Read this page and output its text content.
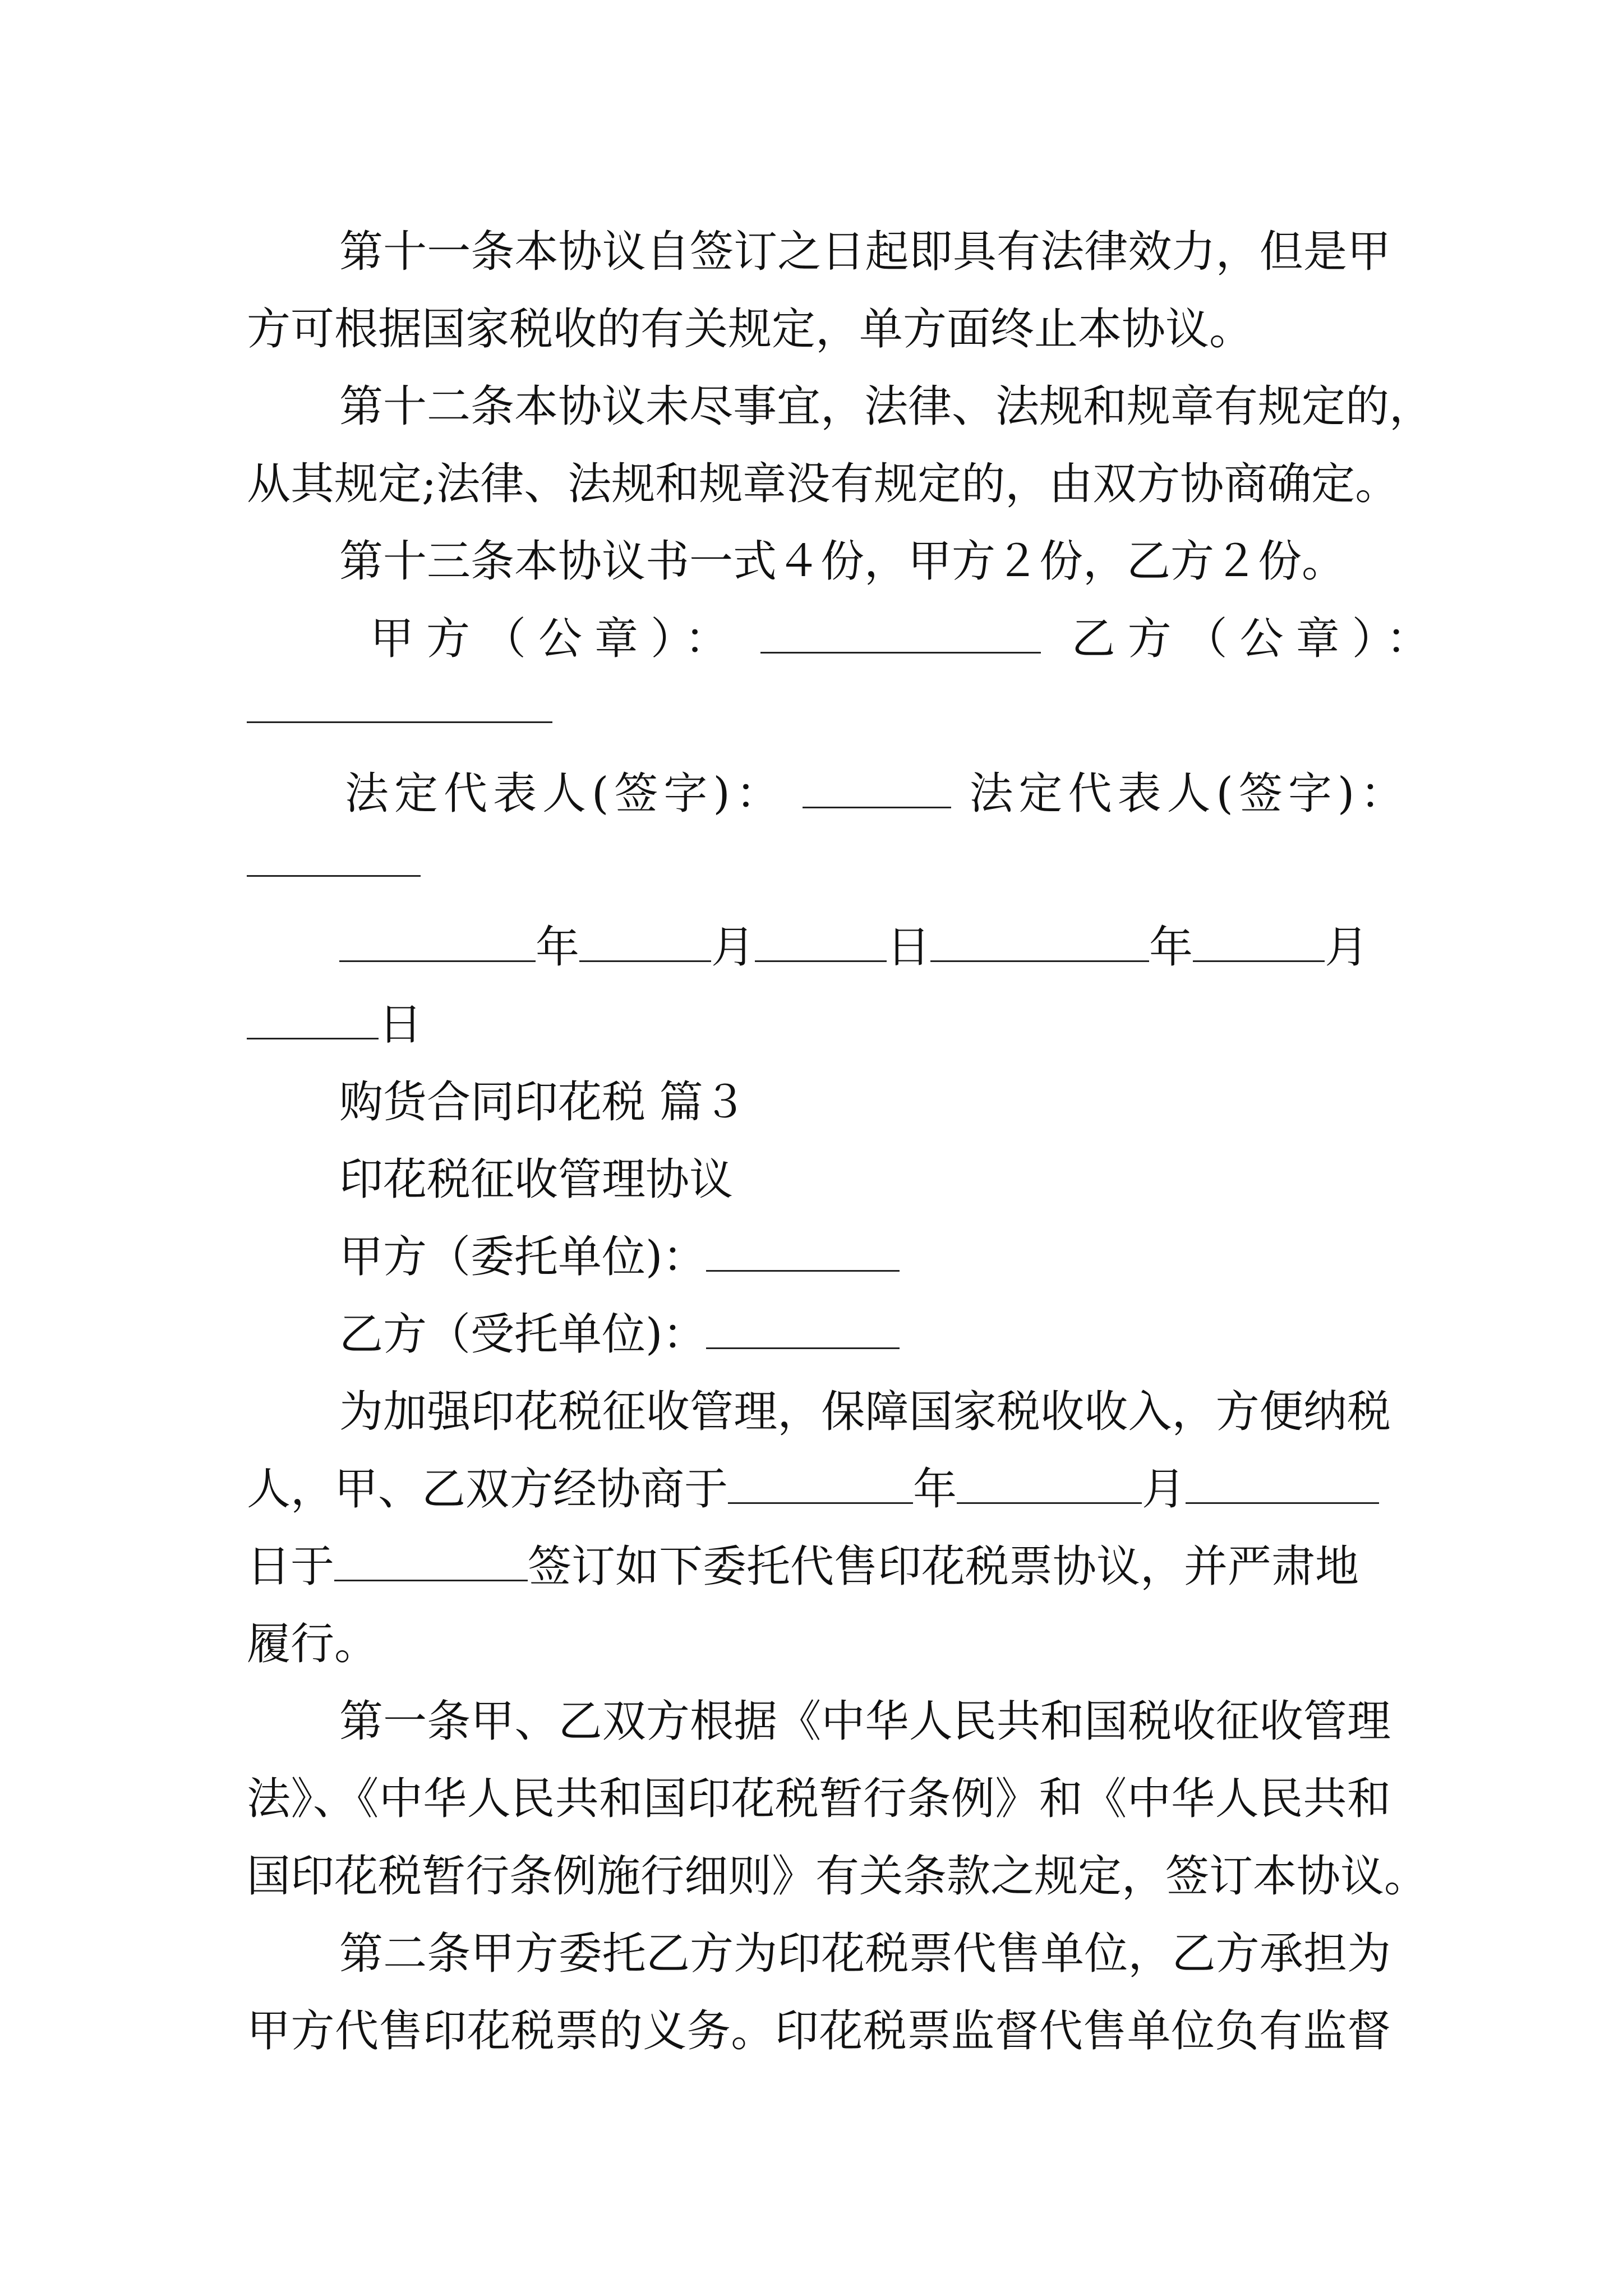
第十一条本协议自签订之日起即具有法律效力，但是甲
方可根据国家税收的有关规定，单方面终止本协议。
第十二条本协议未尽事宜，法律、法规和规章有规定的，
从其规定;法律、法规和规章没有规定的，由双方协商确定。
第十三条本协议书一式４份，甲方２份，乙方２份。
甲方（公章）：	乙方（公章）：
法定代表人(签字)：	法定代表人(签字)：
年	月	日	年	月
日
购货合同印花税 篇３
印花税征收管理协议
甲方（委托单位)：
乙方（受托单位)：
为加强印花税征收管理，保障国家税收收入，方便纳税
人，甲、乙双方经协商于	年	月
日于	签订如下委托代售印花税票协议，并严肃地
履行。
第一条甲、乙双方根据《中华人民共和国税收征收管理
法》、《中华人民共和国印花税暂行条例》和《中华人民共和
国印花税暂行条例施行细则》有关条款之规定，签订本协议。
第二条甲方委托乙方为印花税票代售单位，乙方承担为
甲方代售印花税票的义务。印花税票监督代售单位负有监督
